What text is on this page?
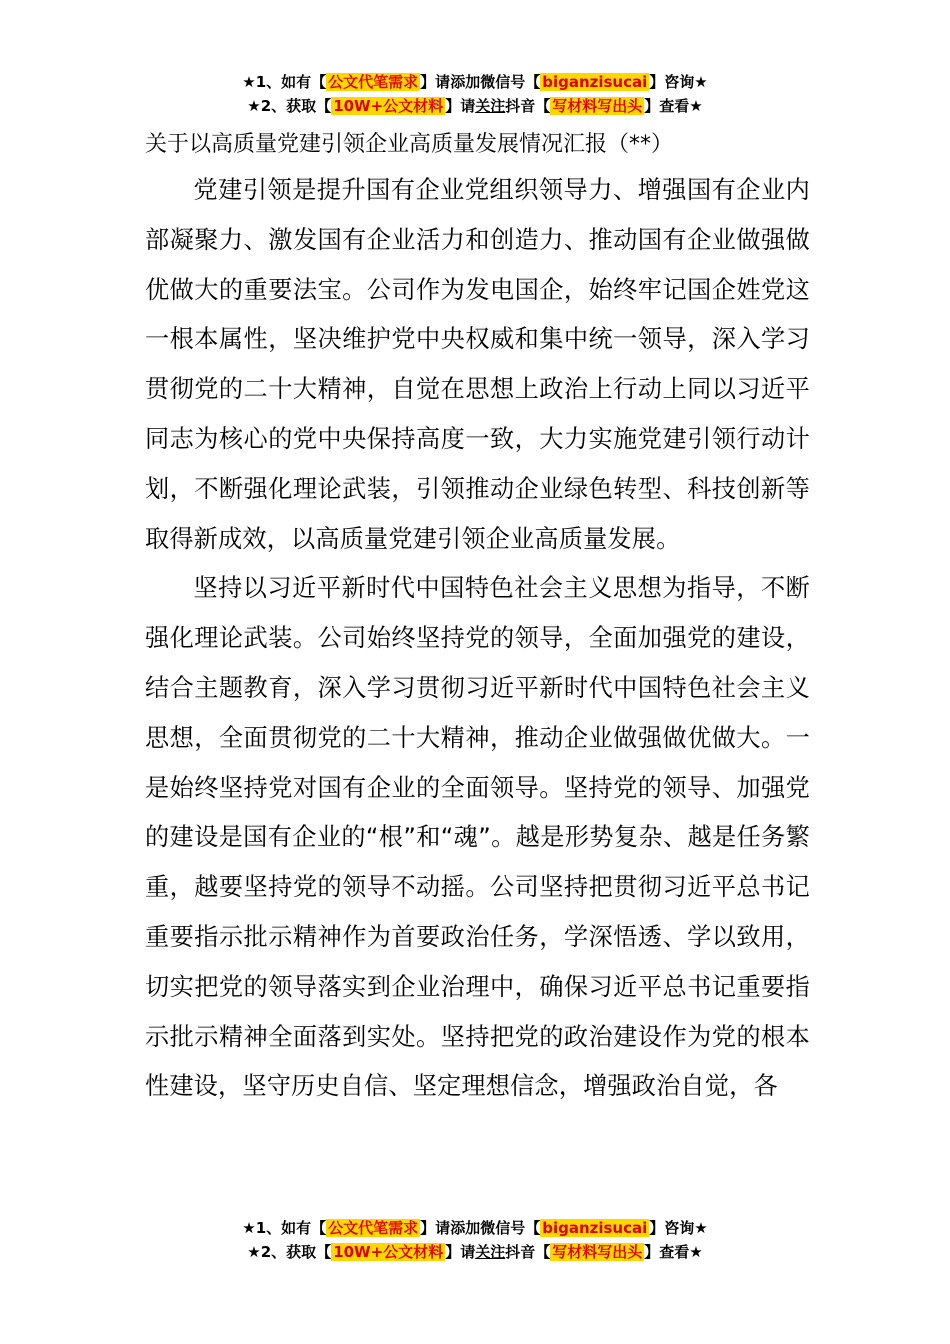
★1、如有【 公文代笔需求 】请添加微信号【 biganzisucai 】咨询★
★2、获取【 10W+公文材料 】请关注抖音【 写材料写出头 】查看★

关于以高质量党建引领企业高质量发展情况汇报（**）

党建引领是提升国有企业党组织领导力、增强国有企业内部凝聚力、激发国有企业活力和创造力、推动国有企业做强做优做大的重要法宝。公司作为发电国企，始终牢记国企姓党这一根本属性，坚决维护党中央权威和集中统一领导，深入学习贯彻党的二十大精神，自觉在思想上政治上行动上同以习近平同志为核心的党中央保持高度一致，大力实施党建引领行动计划，不断强化理论武装，引领推动企业绿色转型、科技创新等取得新成效，以高质量党建引领企业高质量发展。

坚持以习近平新时代中国特色社会主义思想为指导，不断强化理论武装。公司始终坚持党的领导，全面加强党的建设，结合主题教育，深入学习贯彻习近平新时代中国特色社会主义思想，全面贯彻党的二十大精神，推动企业做强做优做大。一是始终坚持党对国有企业的全面领导。坚持党的领导、加强党的建设是国有企业的“根”和“魂”。越是形势复杂、越是任务繁重，越要坚持党的领导不动摇。公司坚持把贯彻习近平总书记重要指示批示精神作为首要政治任务，学深悟透、学以致用，切实把党的领导落实到企业治理中，确保习近平总书记重要指示批示精神全面落到实处。坚持把党的政治建设作为党的根本性建设，坚守历史自信、坚定理想信念，增强政治自觉，各

★1、如有【 公文代笔需求 】请添加微信号【 biganzisucai 】咨询★
★2、获取【 10W+公文材料 】请关注抖音【 写材料写出头 】查看★
